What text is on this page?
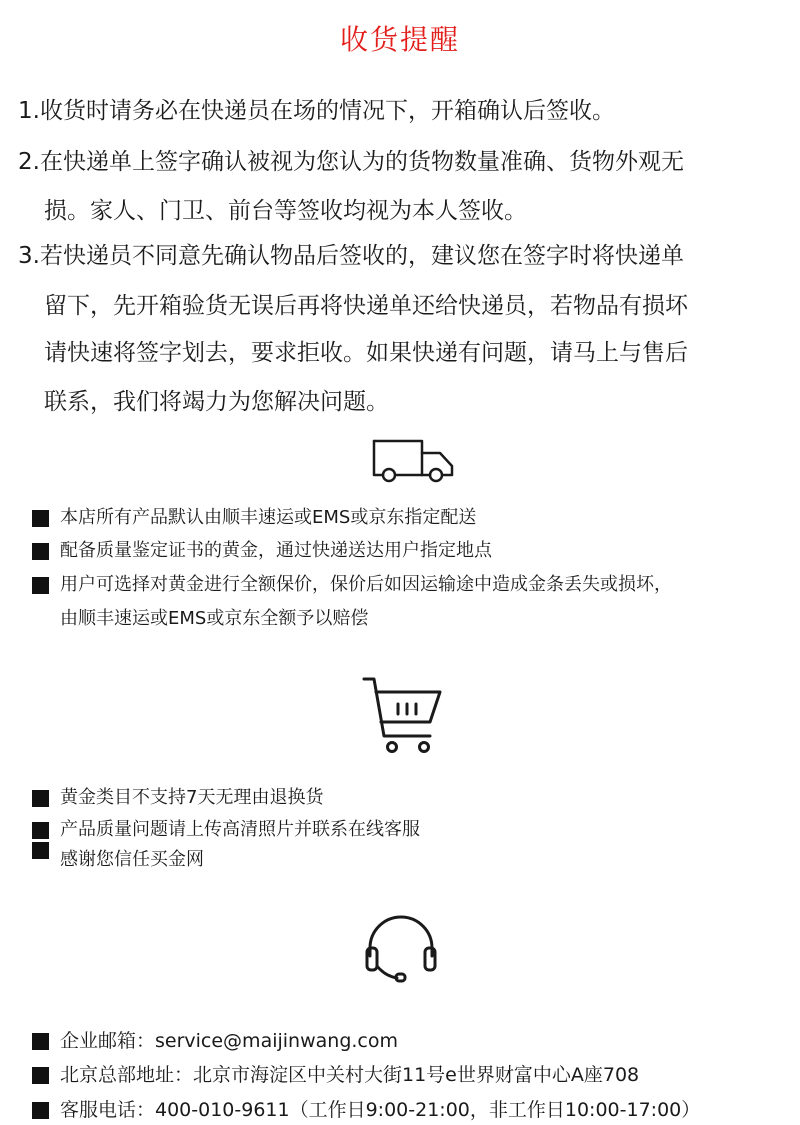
收货提醒
1.收货时请务必在快递员在场的情况下，开箱确认后签收。
2.在快递单上签字确认被视为您认为的货物数量准确、货物外观无
损。家人、门卫、前台等签收均视为本人签收。
3.若快递员不同意先确认物品后签收的，建议您在签字时将快递单
留下，先开箱验货无误后再将快递单还给快递员，若物品有损坏
请快速将签字划去，要求拒收。如果快递有问题，请马上与售后
联系，我们将竭力为您解决问题。
本店所有产品默认由顺丰速运或EMS或京东指定配送
配备质量鉴定证书的黄金，通过快递送达用户指定地点
用户可选择对黄金进行全额保价，保价后如因运输途中造成金条丢失或损坏，
由顺丰速运或EMS或京东全额予以赔偿
黄金类目不支持7天无理由退换货
产品质量问题请上传高清照片并联系在线客服
感谢您信任买金网
企业邮箱：service@maijinwang.com
北京总部地址：北京市海淀区中关村大街11号e世界财富中心A座708
客服电话：400-010-9611（工作日9:00-21:00，非工作日10:00-17:00）
